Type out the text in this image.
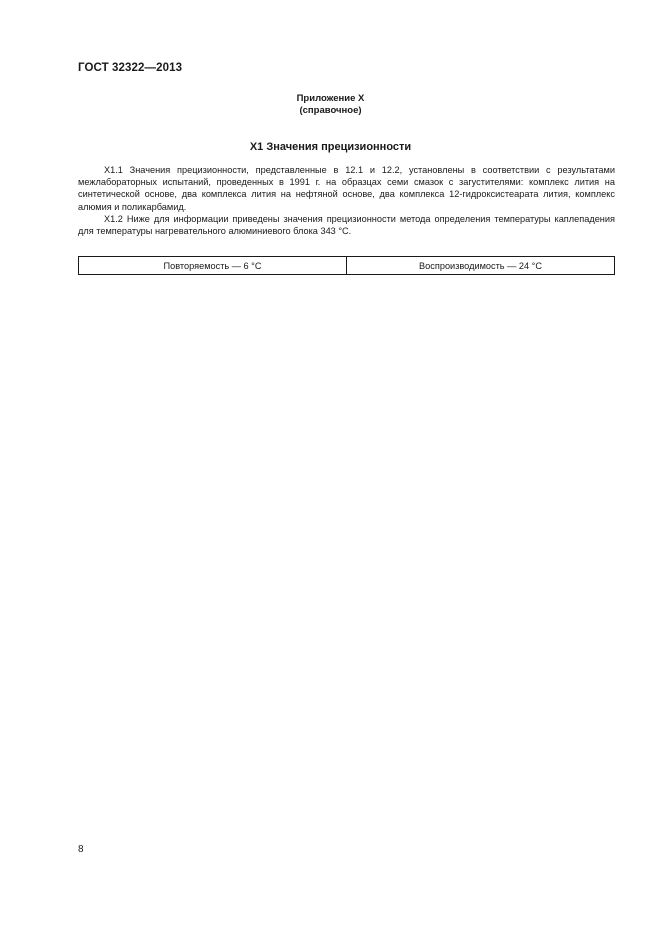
ГОСТ 32322—2013
Приложение Х
(справочное)
Х1 Значения прецизионности

Х1.1 Значения прецизионности, представленные в 12.1 и 12.2, установлены в соответствии с результатами межлабораторных испытаний, проведенных в 1991 г. на образцах семи смазок с загустителями: комплекс лития на синтетической основе, два комплекса лития на нефтяной основе, два комплекса 12-гидроксистеарата лития, комплекс алюмия и поликарбамид.

Х1.2 Ниже для информации приведены значения прецизионности метода определения температуры каплепадения для температуры нагревательного алюминиевого блока 343 °С.

Повторяемость — 6 °С	Воспроизводимость — 24 °С
8
